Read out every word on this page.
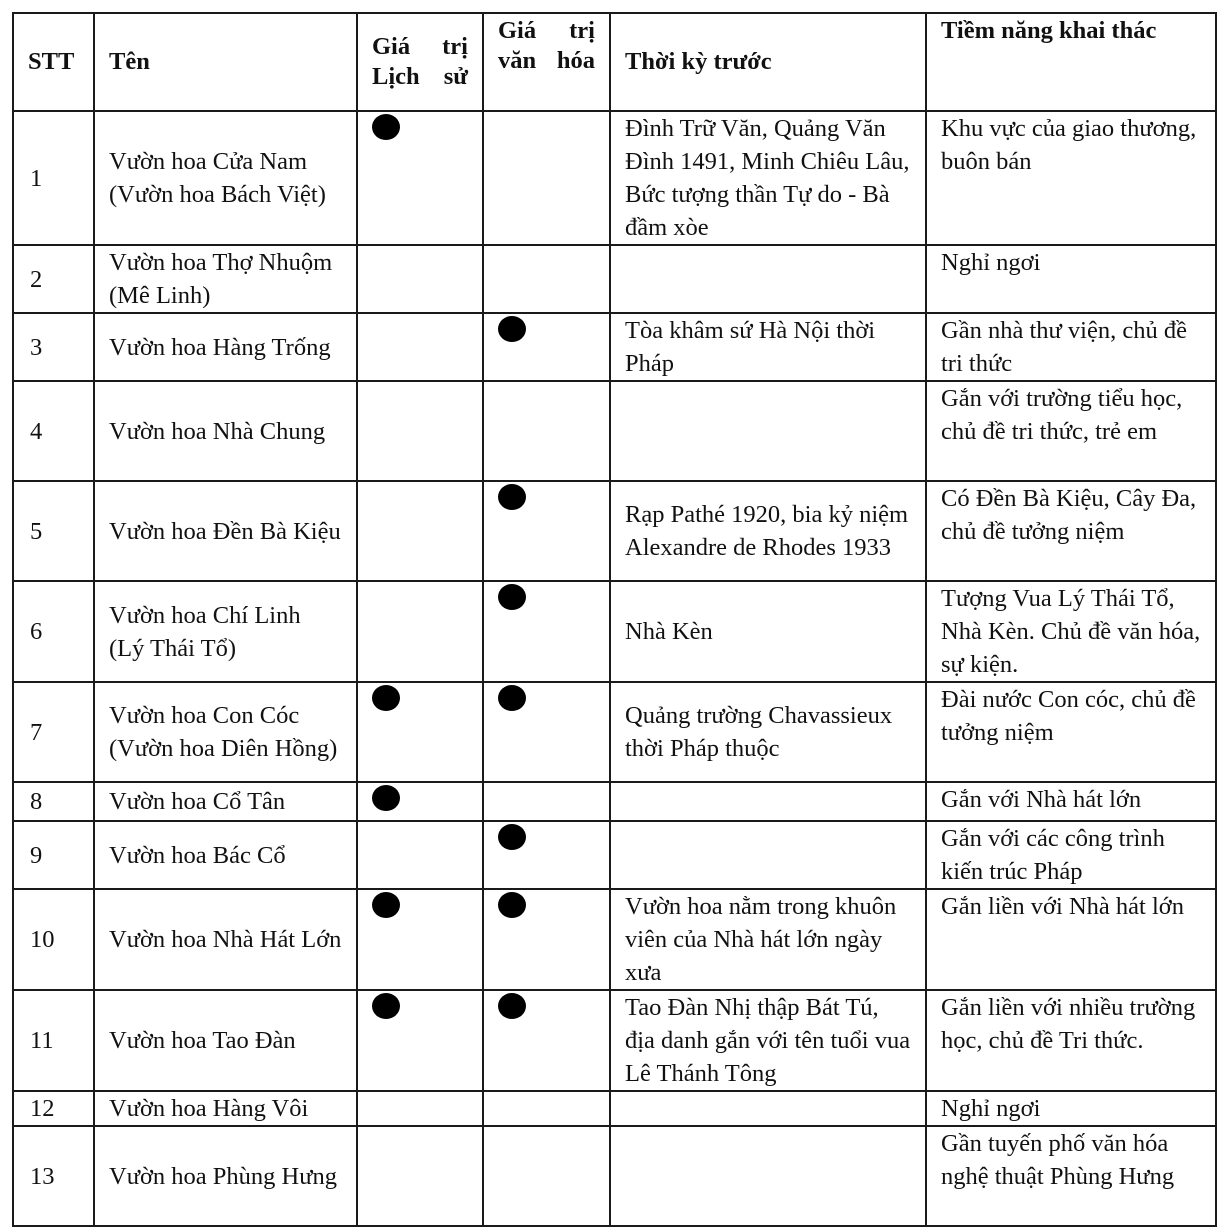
STT	Tên	Giá trị Lịch sử	Giá trị văn hóa	Thời kỳ trước	Tiềm năng khai thác
1	Vườn hoa Cửa Nam (Vườn hoa Bách Việt)			Đình Trữ Văn, Quảng Văn Đình 1491, Minh Chiêu Lâu, Bức tượng thần Tự do - Bà đầm xòe	Khu vực của giao thương, buôn bán
2	Vườn hoa Thợ Nhuộm (Mê Linh)				Nghỉ ngơi
3	Vườn hoa Hàng Trống			Tòa khâm sứ Hà Nội thời Pháp	Gần nhà thư viện, chủ đề tri thức
4	Vườn hoa Nhà Chung				Gắn với trường tiểu học, chủ đề tri thức, trẻ em
5	Vườn hoa Đền Bà Kiệu			Rạp Pathé 1920, bia kỷ niệm Alexandre de Rhodes 1933	Có Đền Bà Kiệu, Cây Đa, chủ đề tưởng niệm
6	Vườn hoa Chí Linh (Lý Thái Tổ)			Nhà Kèn	Tượng Vua Lý Thái Tổ, Nhà Kèn. Chủ đề văn hóa, sự kiện.
7	Vườn hoa Con Cóc (Vườn hoa Diên Hồng)			Quảng trường Chavassieux thời Pháp thuộc	Đài nước Con cóc, chủ đề tưởng niệm
8	Vườn hoa Cổ Tân				Gắn với Nhà hát lớn
9	Vườn hoa Bác Cổ				Gắn với các công trình kiến trúc Pháp
10	Vườn hoa Nhà Hát Lớn			Vườn hoa nằm trong khuôn viên của Nhà hát lớn ngày xưa	Gắn liền với Nhà hát lớn
11	Vườn hoa Tao Đàn			Tao Đàn Nhị thập Bát Tú, địa danh gắn với tên tuổi vua Lê Thánh Tông	Gắn liền với nhiều trường học, chủ đề Tri thức.
12	Vườn hoa Hàng Vôi				Nghỉ ngơi
13	Vườn hoa Phùng Hưng				Gần tuyến phố văn hóa nghệ thuật Phùng Hưng
